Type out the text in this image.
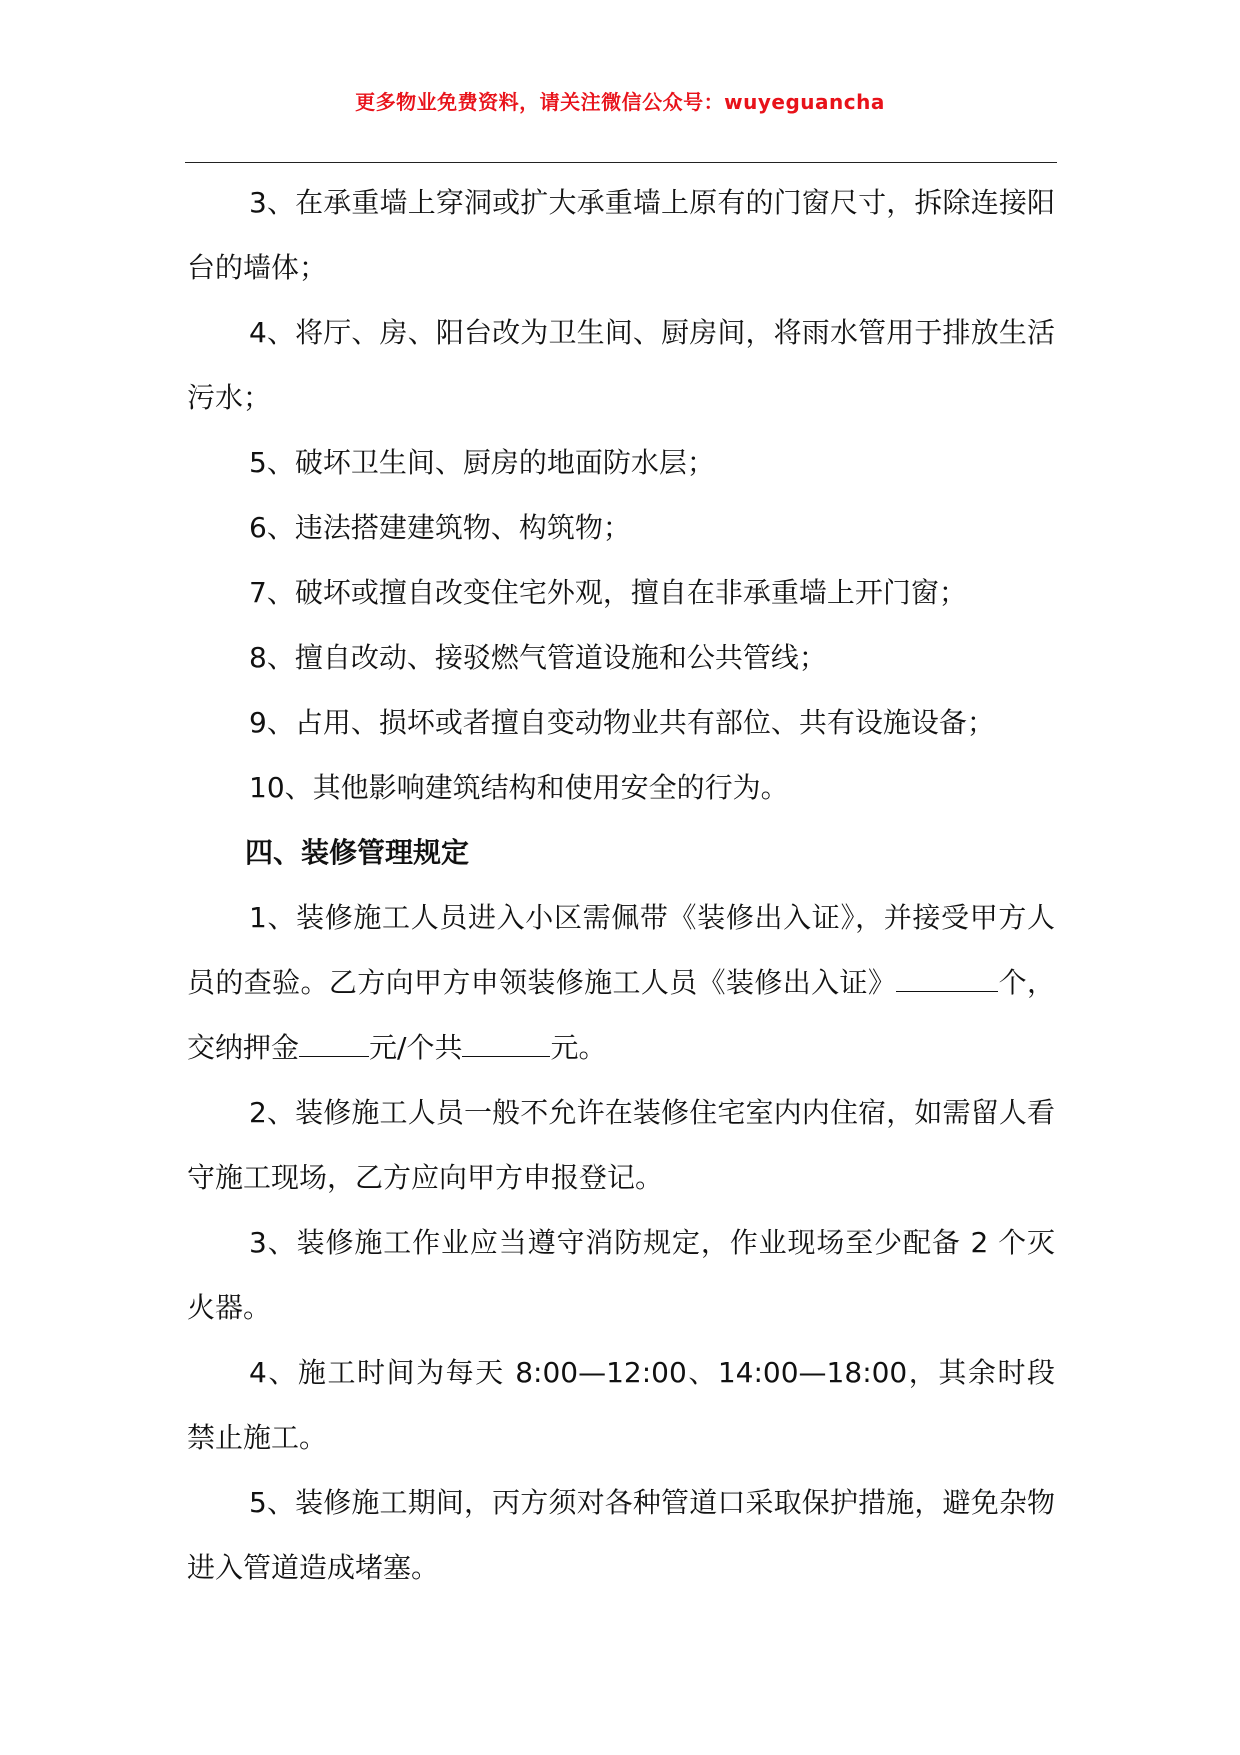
更多物业免费资料，请关注微信公众号：wuyeguancha

3、在承重墙上穿洞或扩大承重墙上原有的门窗尺寸，拆除连接阳台的墙体；

4、将厅、房、阳台改为卫生间、厨房间，将雨水管用于排放生活污水；

5、破坏卫生间、厨房的地面防水层；

6、违法搭建建筑物、构筑物；

7、破坏或擅自改变住宅外观，擅自在非承重墙上开门窗；

8、擅自改动、接驳燃气管道设施和公共管线；

9、占用、损坏或者擅自变动物业共有部位、共有设施设备；

10、其他影响建筑结构和使用安全的行为。

四、装修管理规定

1、装修施工人员进入小区需佩带《装修出入证》，并接受甲方人员的查验。乙方向甲方申领装修施工人员《装修出入证》	个，交纳押金	元/个共	元。

2、装修施工人员一般不允许在装修住宅室内内住宿，如需留人看守施工现场，乙方应向甲方申报登记。

3、装修施工作业应当遵守消防规定，作业现场至少配备 2 个灭火器。

4、施工时间为每天 8:00—12:00、14:00—18:00，其余时段禁止施工。

5、装修施工期间，丙方须对各种管道口采取保护措施，避免杂物进入管道造成堵塞。
